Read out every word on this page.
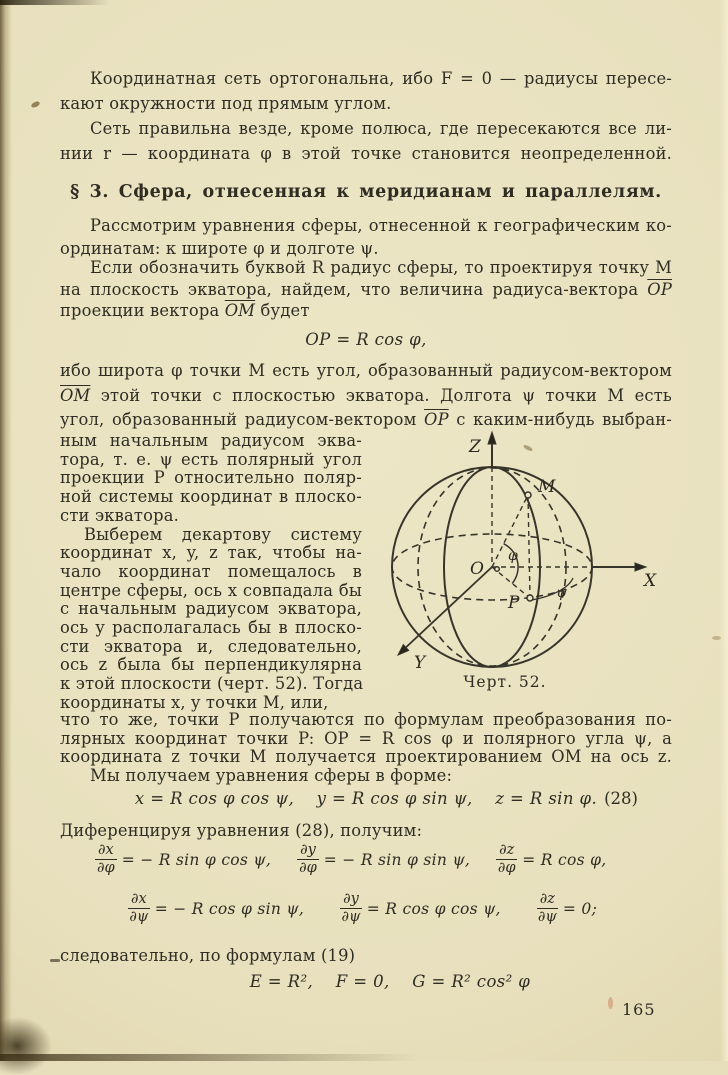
Координатная сеть ортогональна, ибо F = 0 — радиусы пересе-
кают окружности под прямым углом.
Сеть правильна везде, кроме полюса, где пересекаются все ли-
нии r — координата φ в этой точке становится неопределенной.
§ 3. Сфера, отнесенная к меридианам и параллелям.
Рассмотрим уравнения сферы, отнесенной к географическим ко-
ординатам: к широте φ и долготе ψ.
Если обозначить буквой R радиус сферы, то проектируя точку M
на плоскость экватора, найдем, что величина радиуса-вектора $\overline{OP}$
проекции вектора $\overline{OM}$ будет
OP = R cos φ,
ибо широта φ точки M есть угол, образованный радиусом-вектором
$\overline{OM}$ этой точки с плоскостью экватора. Долгота ψ точки M есть
угол, образованный радиусом-вектором $\overline{OP}$ с каким-нибудь выбран-
ным начальным радиусом эква-
тора, т. е. ψ есть полярный угол
проекции P относительно поляр-
ной системы координат в плоско-
сти экватора.
Выберем декартову систему
координат x, y, z так, чтобы на-
чало координат помещалось в
центре сферы, ось x совпадала бы
с начальным радиусом экватора,
ось y располагалась бы в плоско-
сти экватора и, следовательно,
ось z была бы перпендикулярна
к этой плоскости (черт. 52). Тогда
координаты x, y точки M, или,
Z
X
Y
O
M
P
φ
ψ
Черт. 52.
что то же, точки P получаются по формулам преобразования по-
лярных координат точки P: OP = R cos φ и полярного угла ψ, а
координата z точки M получается проектированием OM на ось z.
Мы получаем уравнения сферы в форме:
x = R cos φ cos ψ,    y = R cos φ sin ψ,    z = R sin φ. (28)
Диференцируя уравнения (28), получим:
$\frac{\partial x}{\partial\varphi}$ = − R sin φ cos ψ, $\frac{\partial y}{\partial\varphi}$ = − R sin φ sin ψ, $\frac{\partial z}{\partial\varphi} = R$ cos φ,
$\frac{\partial x}{\partial\psi}$ = − R cos φ sin ψ, $\frac{\partial y}{\partial\psi} = R$ cos φ cos ψ, $\frac{\partial z}{\partial\psi} = 0$;
следовательно, по формулам (19)
E = R²,    F = 0,    G = R² cos² φ
165
